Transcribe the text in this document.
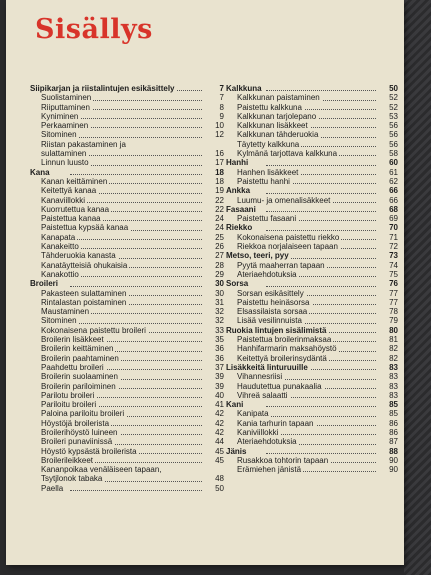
Sisällys
Siipikarjan ja riistalintujen esikäsittely	7
Suolistaminen	7
Riiputtaminen	8
Kyniminen	9
Perkaaminen	10
Sitominen	12
Riistan pakastaminen ja
sulattaminen	16
Linnun luusto	17
Kana	18
Kanan keittäminen	18
Keitettyä kanaa	19
Kanaviillokki	22
Kuorrutettua kanaa	22
Paistettua kanaa	24
Paistettua kypsää kanaa	24
Kanapata	25
Kanakeitto	26
Tähderuokia kanasta	27
Kanatäytteisiä ohukaisia	28
Kanakottio	29
Broileri	30
Pakasteen sulattaminen	30
Rintalastan poistaminen	31
Maustaminen	32
Sitominen	32
Kokonaisena paistettu broileri	33
Broilerin lisäkkeet	35
Broilerin keittäminen	36
Broilerin paahtaminen	36
Paahdettu broileri	37
Broilerin suolaaminen	39
Broilerin pariloiminen	39
Parilotu broileri	40
Pariloitu broileri	41
Paloina pariloitu broileri	42
Höystöjä broilerista	42
Broilerihöystö luineen	42
Broileri punaviinissä	44
Höystö kypsästä broilerista	45
Broilerileikkeet	45
Kananpoikaa venäläiseen tapaan,
Tsytjlonok tabaka	48
Paella	50
Kalkkuna	50
Kalkkunan paistaminen	52
Paistettu kalkkuna	52
Kalkkunan tarjolepano	53
Kalkkunan lisäkkeet	56
Kalkkunan tähderuokia	56
Täytetty kalkkuna	56
Kylmänä tarjottava kalkkuna	58
Hanhi	60
Hanhen lisäkkeet	61
Paistettu hanhi	62
Ankka	66
Luumu- ja omenalisäkkeet	66
Fasaani	68
Paistettu fasaani	69
Riekko	70
Kokonaisena paistettu riekko	71
Riekkoa norjalaiseen tapaan	72
Metso, teeri, pyy	73
Pyytä maaherran tapaan	74
Ateriaehdotuksia	75
Sorsa	76
Sorsan esikäsittely	77
Paistettu heinäsorsa	77
Elsassilaista sorsaa	78
Lisää vesilinnuista	79
Ruokia lintujen sisälimistä	80
Paistettua broilerinmaksaa	81
Hanhifarmarin maksahöystö	82
Keitettyä broilerinsydäntä	82
Lisäkkeitä linturuuille	83
Vihannesriisi	83
Haudutettua punakaalia	83
Vihreä salaatti	83
Kani	85
Kanipata	85
Kania tarhurin tapaan	86
Kaniviillokki	86
Ateriaehdotuksia	87
Jänis	88
Rusakkoa tohtorin tapaan	90
Erämiehen jänistä	90
